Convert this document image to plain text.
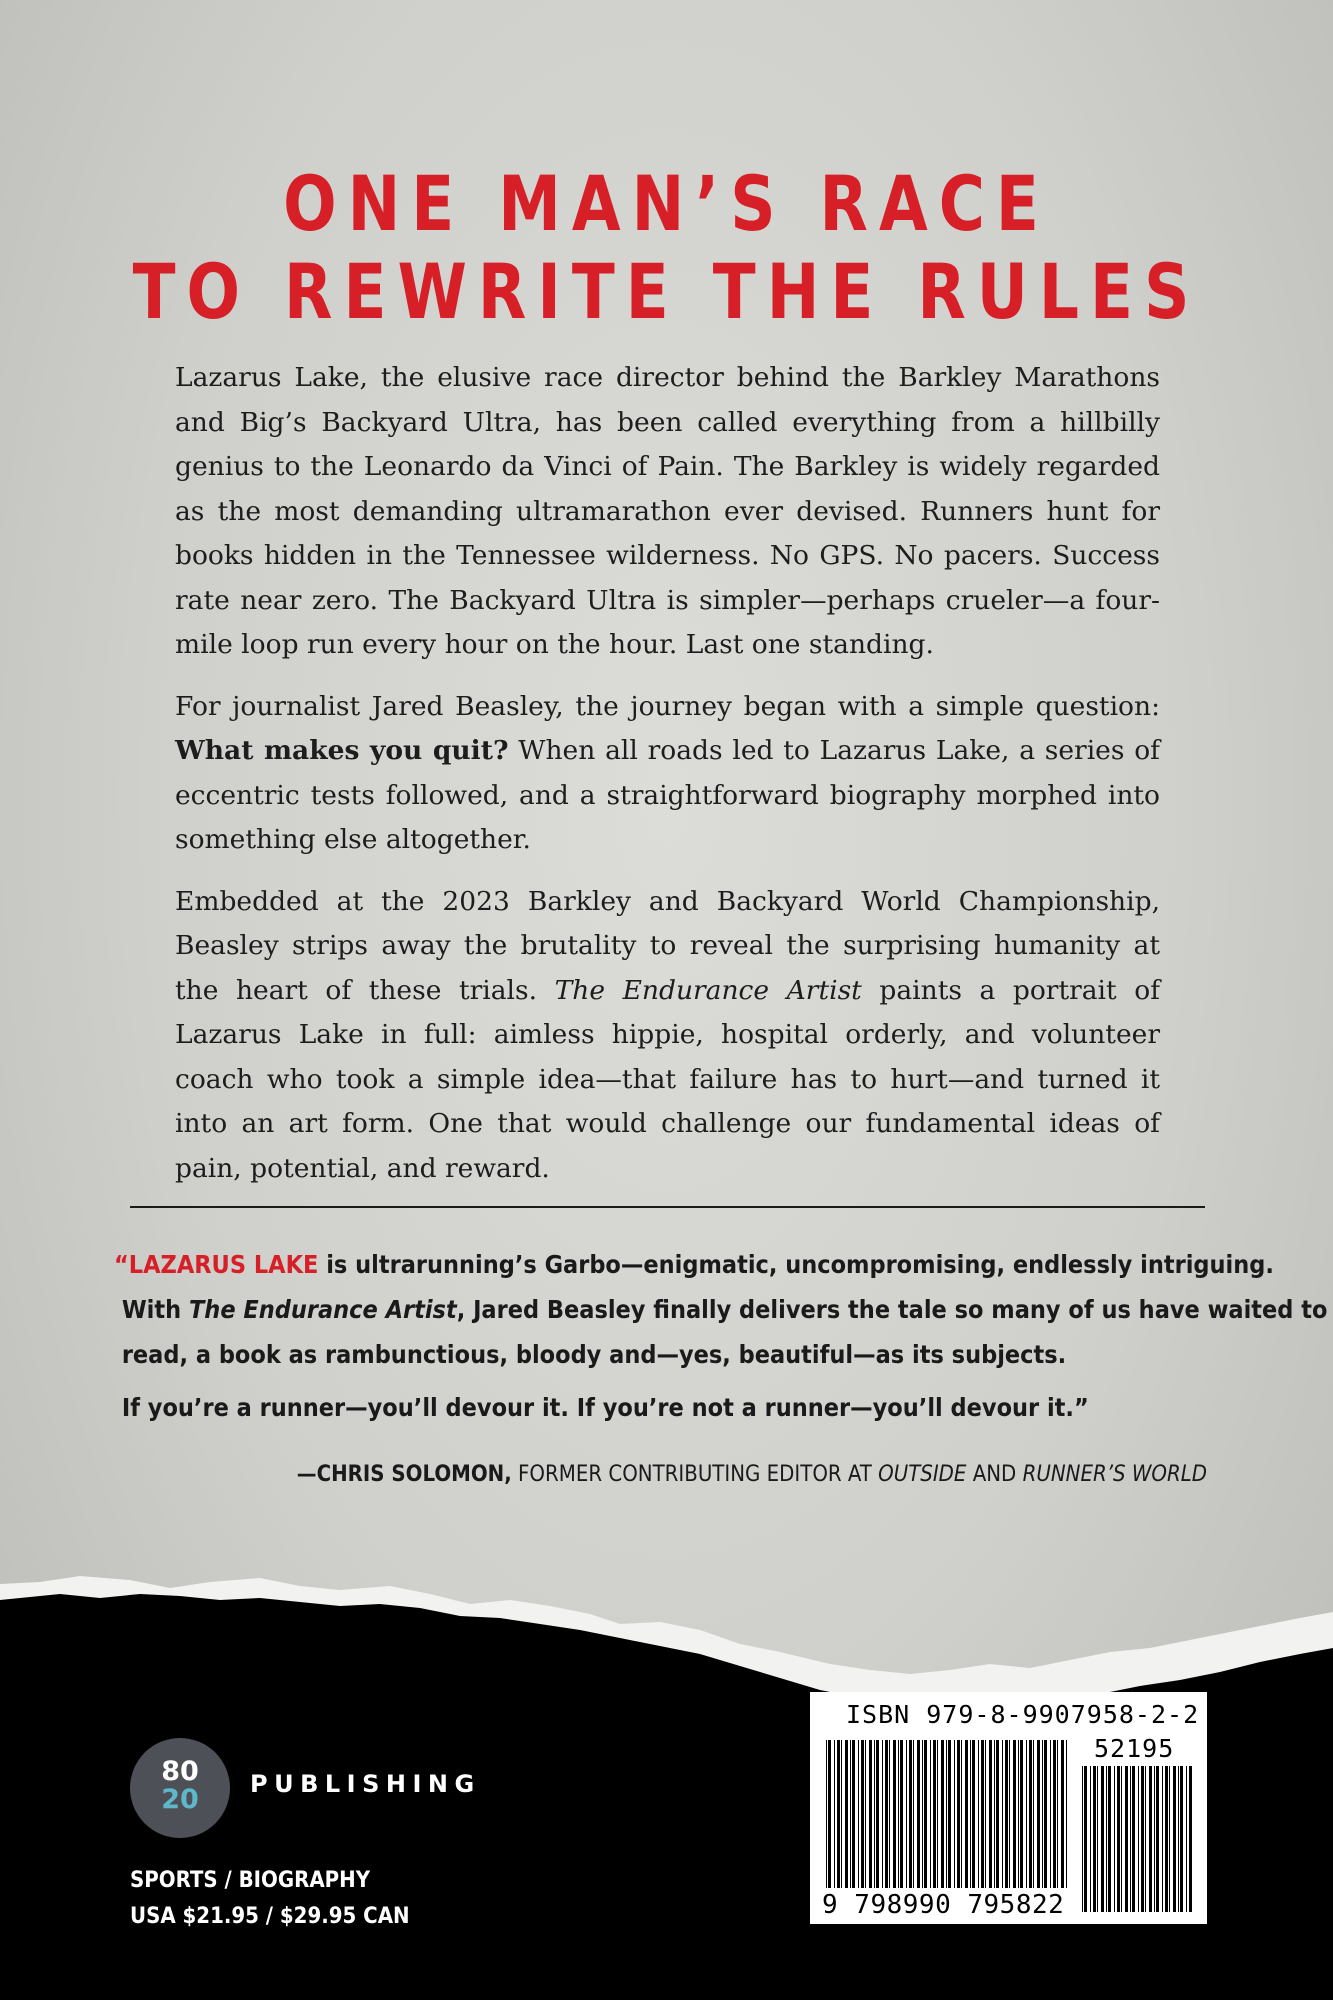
ONE MAN’S RACE
TO REWRITE THE RULES

Lazarus Lake, the elusive race director behind the Barkley Marathons and Big’s Backyard Ultra, has been called everything from a hillbilly genius to the Leonardo da Vinci of Pain. The Barkley is widely regarded as the most demanding ultramarathon ever devised. Runners hunt for books hidden in the Tennessee wilderness. No GPS. No pacers. Success rate near zero. The Backyard Ultra is simpler—perhaps crueler—a four-mile loop run every hour on the hour. Last one standing.

For journalist Jared Beasley, the journey began with a simple question: What makes you quit? When all roads led to Lazarus Lake, a series of eccentric tests followed, and a straightforward biography morphed into something else altogether.

Embedded at the 2023 Barkley and Backyard World Championship, Beasley strips away the brutality to reveal the surprising humanity at the heart of these trials. The Endurance Artist paints a portrait of Lazarus Lake in full: aimless hippie, hospital orderly, and volunteer coach who took a simple idea—that failure has to hurt—and turned it into an art form. One that would challenge our fundamental ideas of pain, potential, and reward.

“LAZARUS LAKE is ultrarunning’s Garbo—enigmatic, uncompromising, endlessly intriguing.
With The Endurance Artist, Jared Beasley finally delivers the tale so many of us have waited to
read, a book as rambunctious, bloody and—yes, beautiful—as its subjects.
If you’re a runner—you’ll devour it. If you’re not a runner—you’ll devour it.”
—CHRIS SOLOMON, FORMER CONTRIBUTING EDITOR AT OUTSIDE AND RUNNER’S WORLD
80
20	PUBLISHING
SPORTS / BIOGRAPHY
USA $21.95 / $29.95 CAN
ISBN 979-8-9907958-2-2
52195
9 798990 795822
